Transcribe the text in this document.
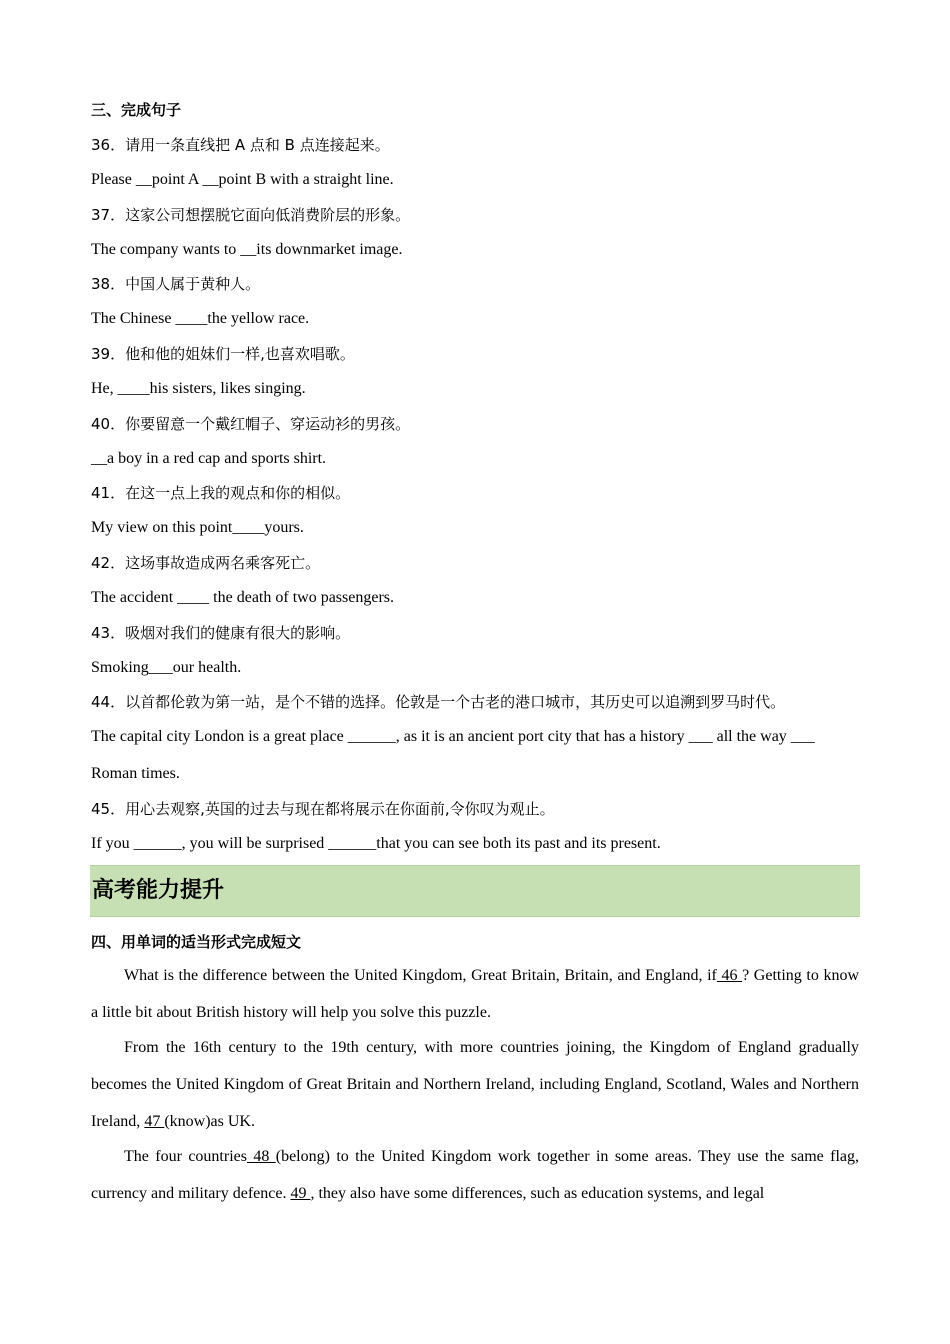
三、完成句子
36．请用一条直线把 A 点和 B 点连接起来。
Please __point A __point B with a straight line.
37．这家公司想摆脱它面向低消费阶层的形象。
The company wants to __its downmarket image.
38．中国人属于黄种人。
The Chinese ____the yellow race.
39．他和他的姐妹们一样,也喜欢唱歌。
He, ____his sisters, likes singing.
40．你要留意一个戴红帽子、穿运动衫的男孩。
__a boy in a red cap and sports shirt.
41．在这一点上我的观点和你的相似。
My view on this point____yours.
42．这场事故造成两名乘客死亡。
The accident ____ the death of two passengers.
43．吸烟对我们的健康有很大的影响。
Smoking___our health.
44．以首都伦敦为第一站，是个不错的选择。伦敦是一个古老的港口城市，其历史可以追溯到罗马时代。
The capital city London is a great place ______, as it is an ancient port city that has a history ___ all the way ___
Roman times.
45．用心去观察,英国的过去与现在都将展示在你面前,令你叹为观止。
If you ______, you will be surprised ______that you can see both its past and its present.
高考能力提升
四、用单词的适当形式完成短文
What is the difference between the United Kingdom, Great Britain, Britain, and England, if 46 ? Getting to know a little bit about British history will help you solve this puzzle.
From the 16th century to the 19th century, with more countries joining, the Kingdom of England gradually becomes the United Kingdom of Great Britain and Northern Ireland, including England, Scotland, Wales and Northern Ireland, 47 (know)as UK.
The four countries 48 (belong) to the United Kingdom work together in some areas. They use the same flag, currency and military defence. 49 , they also have some differences, such as education systems, and legal
